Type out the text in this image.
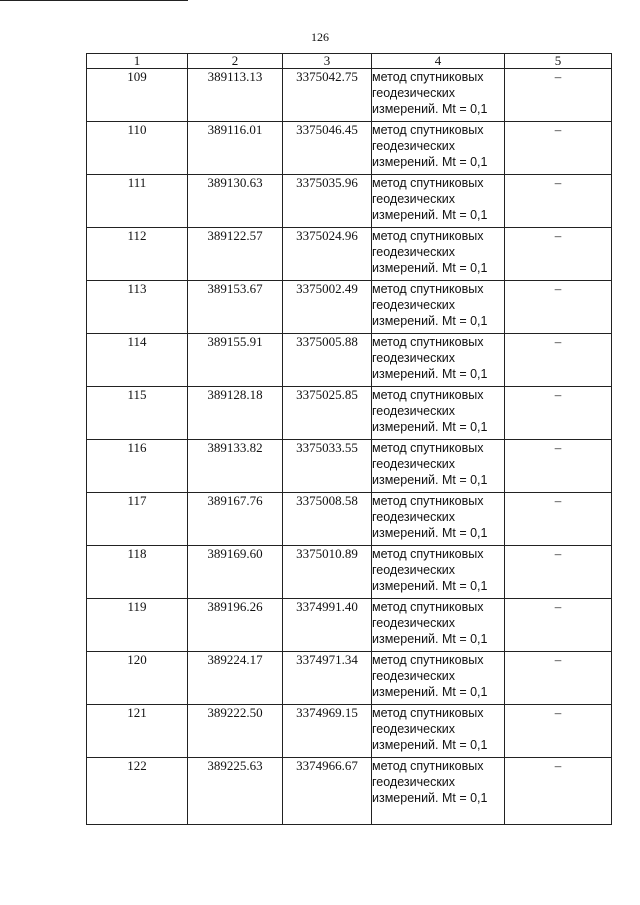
126
1	2	3	4	5
109	389113.13	3375042.75	метод спутниковых
геодезических
измерений. Mt = 0,1	–
110	389116.01	3375046.45	метод спутниковых
геодезических
измерений. Mt = 0,1	–
111	389130.63	3375035.96	метод спутниковых
геодезических
измерений. Mt = 0,1	–
112	389122.57	3375024.96	метод спутниковых
геодезических
измерений. Mt = 0,1	–
113	389153.67	3375002.49	метод спутниковых
геодезических
измерений. Mt = 0,1	–
114	389155.91	3375005.88	метод спутниковых
геодезических
измерений. Mt = 0,1	–
115	389128.18	3375025.85	метод спутниковых
геодезических
измерений. Mt = 0,1	–
116	389133.82	3375033.55	метод спутниковых
геодезических
измерений. Mt = 0,1	–
117	389167.76	3375008.58	метод спутниковых
геодезических
измерений. Mt = 0,1	–
118	389169.60	3375010.89	метод спутниковых
геодезических
измерений. Mt = 0,1	–
119	389196.26	3374991.40	метод спутниковых
геодезических
измерений. Mt = 0,1	–
120	389224.17	3374971.34	метод спутниковых
геодезических
измерений. Mt = 0,1	–
121	389222.50	3374969.15	метод спутниковых
геодезических
измерений. Mt = 0,1	–
122	389225.63	3374966.67	метод спутниковых
геодезических
измерений. Mt = 0,1	–
